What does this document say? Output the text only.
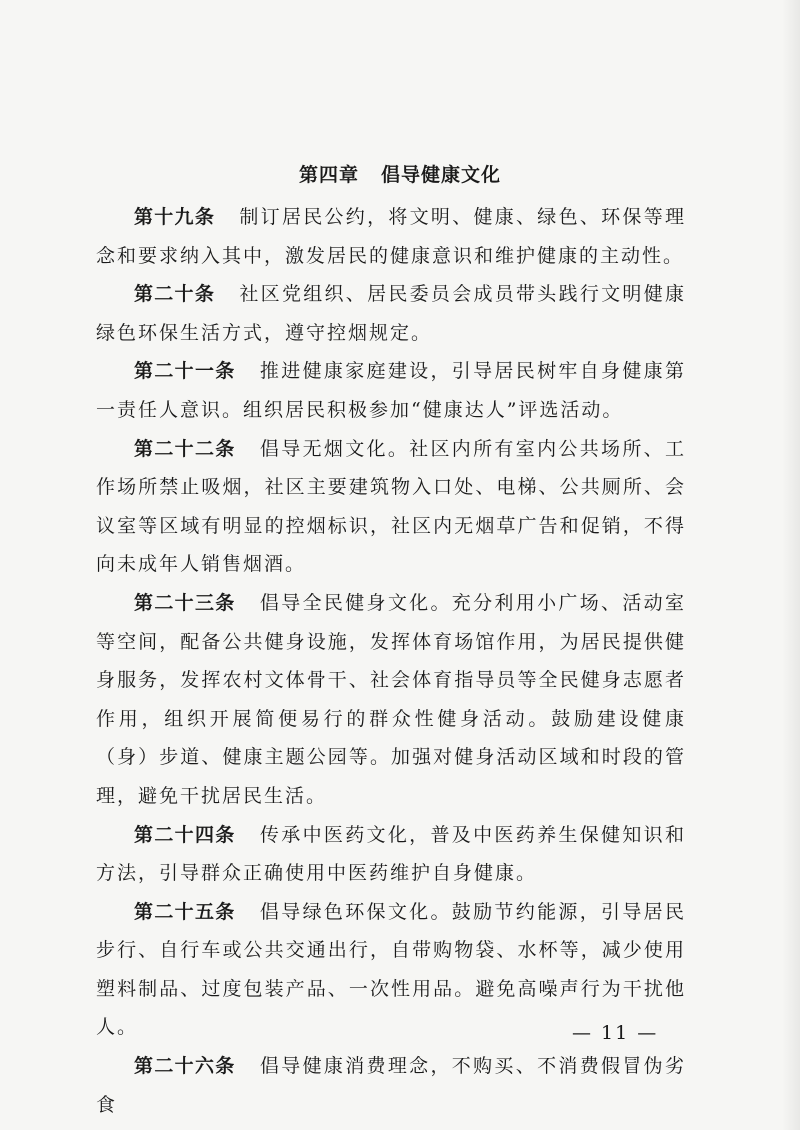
第四章 倡导健康文化

第十九条 制订居民公约，将文明、健康、绿色、环保等理念和要求纳入其中，激发居民的健康意识和维护健康的主动性。

第二十条 社区党组织、居民委员会成员带头践行文明健康绿色环保生活方式，遵守控烟规定。

第二十一条 推进健康家庭建设，引导居民树牢自身健康第一责任人意识。组织居民积极参加“健康达人”评选活动。

第二十二条 倡导无烟文化。社区内所有室内公共场所、工作场所禁止吸烟，社区主要建筑物入口处、电梯、公共厕所、会议室等区域有明显的控烟标识，社区内无烟草广告和促销，不得向未成年人销售烟酒。

第二十三条 倡导全民健身文化。充分利用小广场、活动室等空间，配备公共健身设施，发挥体育场馆作用，为居民提供健身服务，发挥农村文体骨干、社会体育指导员等全民健身志愿者作用，组织开展简便易行的群众性健身活动。鼓励建设健康（身）步道、健康主题公园等。加强对健身活动区域和时段的管理，避免干扰居民生活。

第二十四条 传承中医药文化，普及中医药养生保健知识和方法，引导群众正确使用中医药维护自身健康。

第二十五条 倡导绿色环保文化。鼓励节约能源，引导居民步行、自行车或公共交通出行，自带购物袋、水杯等，减少使用塑料制品、过度包装产品、一次性用品。避免高噪声行为干扰他人。

第二十六条 倡导健康消费理念，不购买、不消费假冒伪劣食

— 11 —
